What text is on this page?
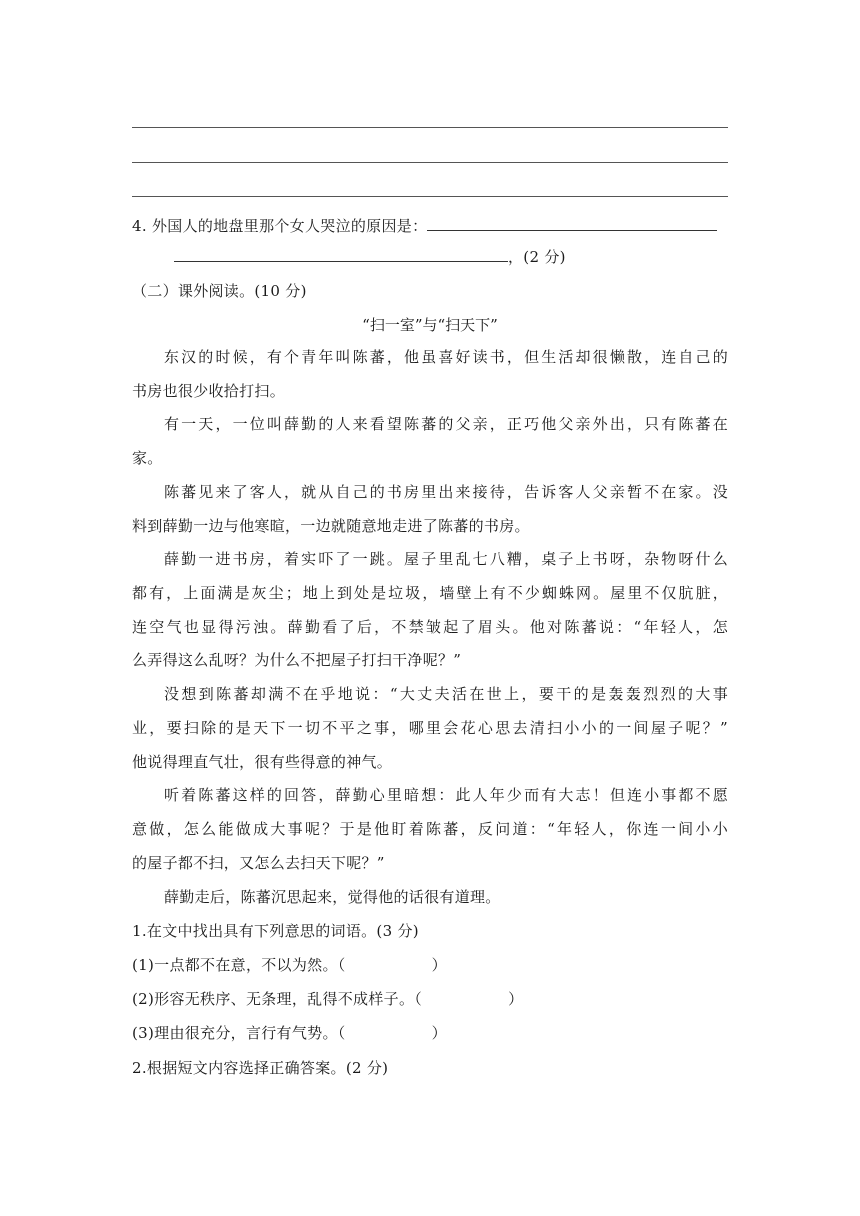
4. 外国人的地盘里那个女人哭泣的原因是：
，(2 分)
（二）课外阅读。(10 分)
“扫一室”与“扫天下”
东汉的时候，有个青年叫陈蕃，他虽喜好读书，但生活却很懒散，连自己的
书房也很少收拾打扫。
有一天，一位叫薛勤的人来看望陈蕃的父亲，正巧他父亲外出，只有陈蕃在
家。
陈蕃见来了客人，就从自己的书房里出来接待，告诉客人父亲暂不在家。没
料到薛勤一边与他寒暄，一边就随意地走进了陈蕃的书房。
薛勤一进书房，着实吓了一跳。屋子里乱七八糟，桌子上书呀，杂物呀什么
都有，上面满是灰尘；地上到处是垃圾，墙壁上有不少蜘蛛网。屋里不仅肮脏，
连空气也显得污浊。薛勤看了后，不禁皱起了眉头。他对陈蕃说：“年轻人，怎
么弄得这么乱呀？为什么不把屋子打扫干净呢？”
没想到陈蕃却满不在乎地说：“大丈夫活在世上，要干的是轰轰烈烈的大事
业，要扫除的是天下一切不平之事，哪里会花心思去清扫小小的一间屋子呢？”
他说得理直气壮，很有些得意的神气。
听着陈蕃这样的回答，薛勤心里暗想：此人年少而有大志！但连小事都不愿
意做，怎么能做成大事呢？于是他盯着陈蕃，反问道：“年轻人，你连一间小小
的屋子都不扫，又怎么去扫天下呢？”
薛勤走后，陈蕃沉思起来，觉得他的话很有道理。
1.在文中找出具有下列意思的词语。(3 分)
(1)一点都不在意，不以为然。（	）
(2)形容无秩序、无条理，乱得不成样子。（	）
(3)理由很充分，言行有气势。（	）
2.根据短文内容选择正确答案。(2 分)
